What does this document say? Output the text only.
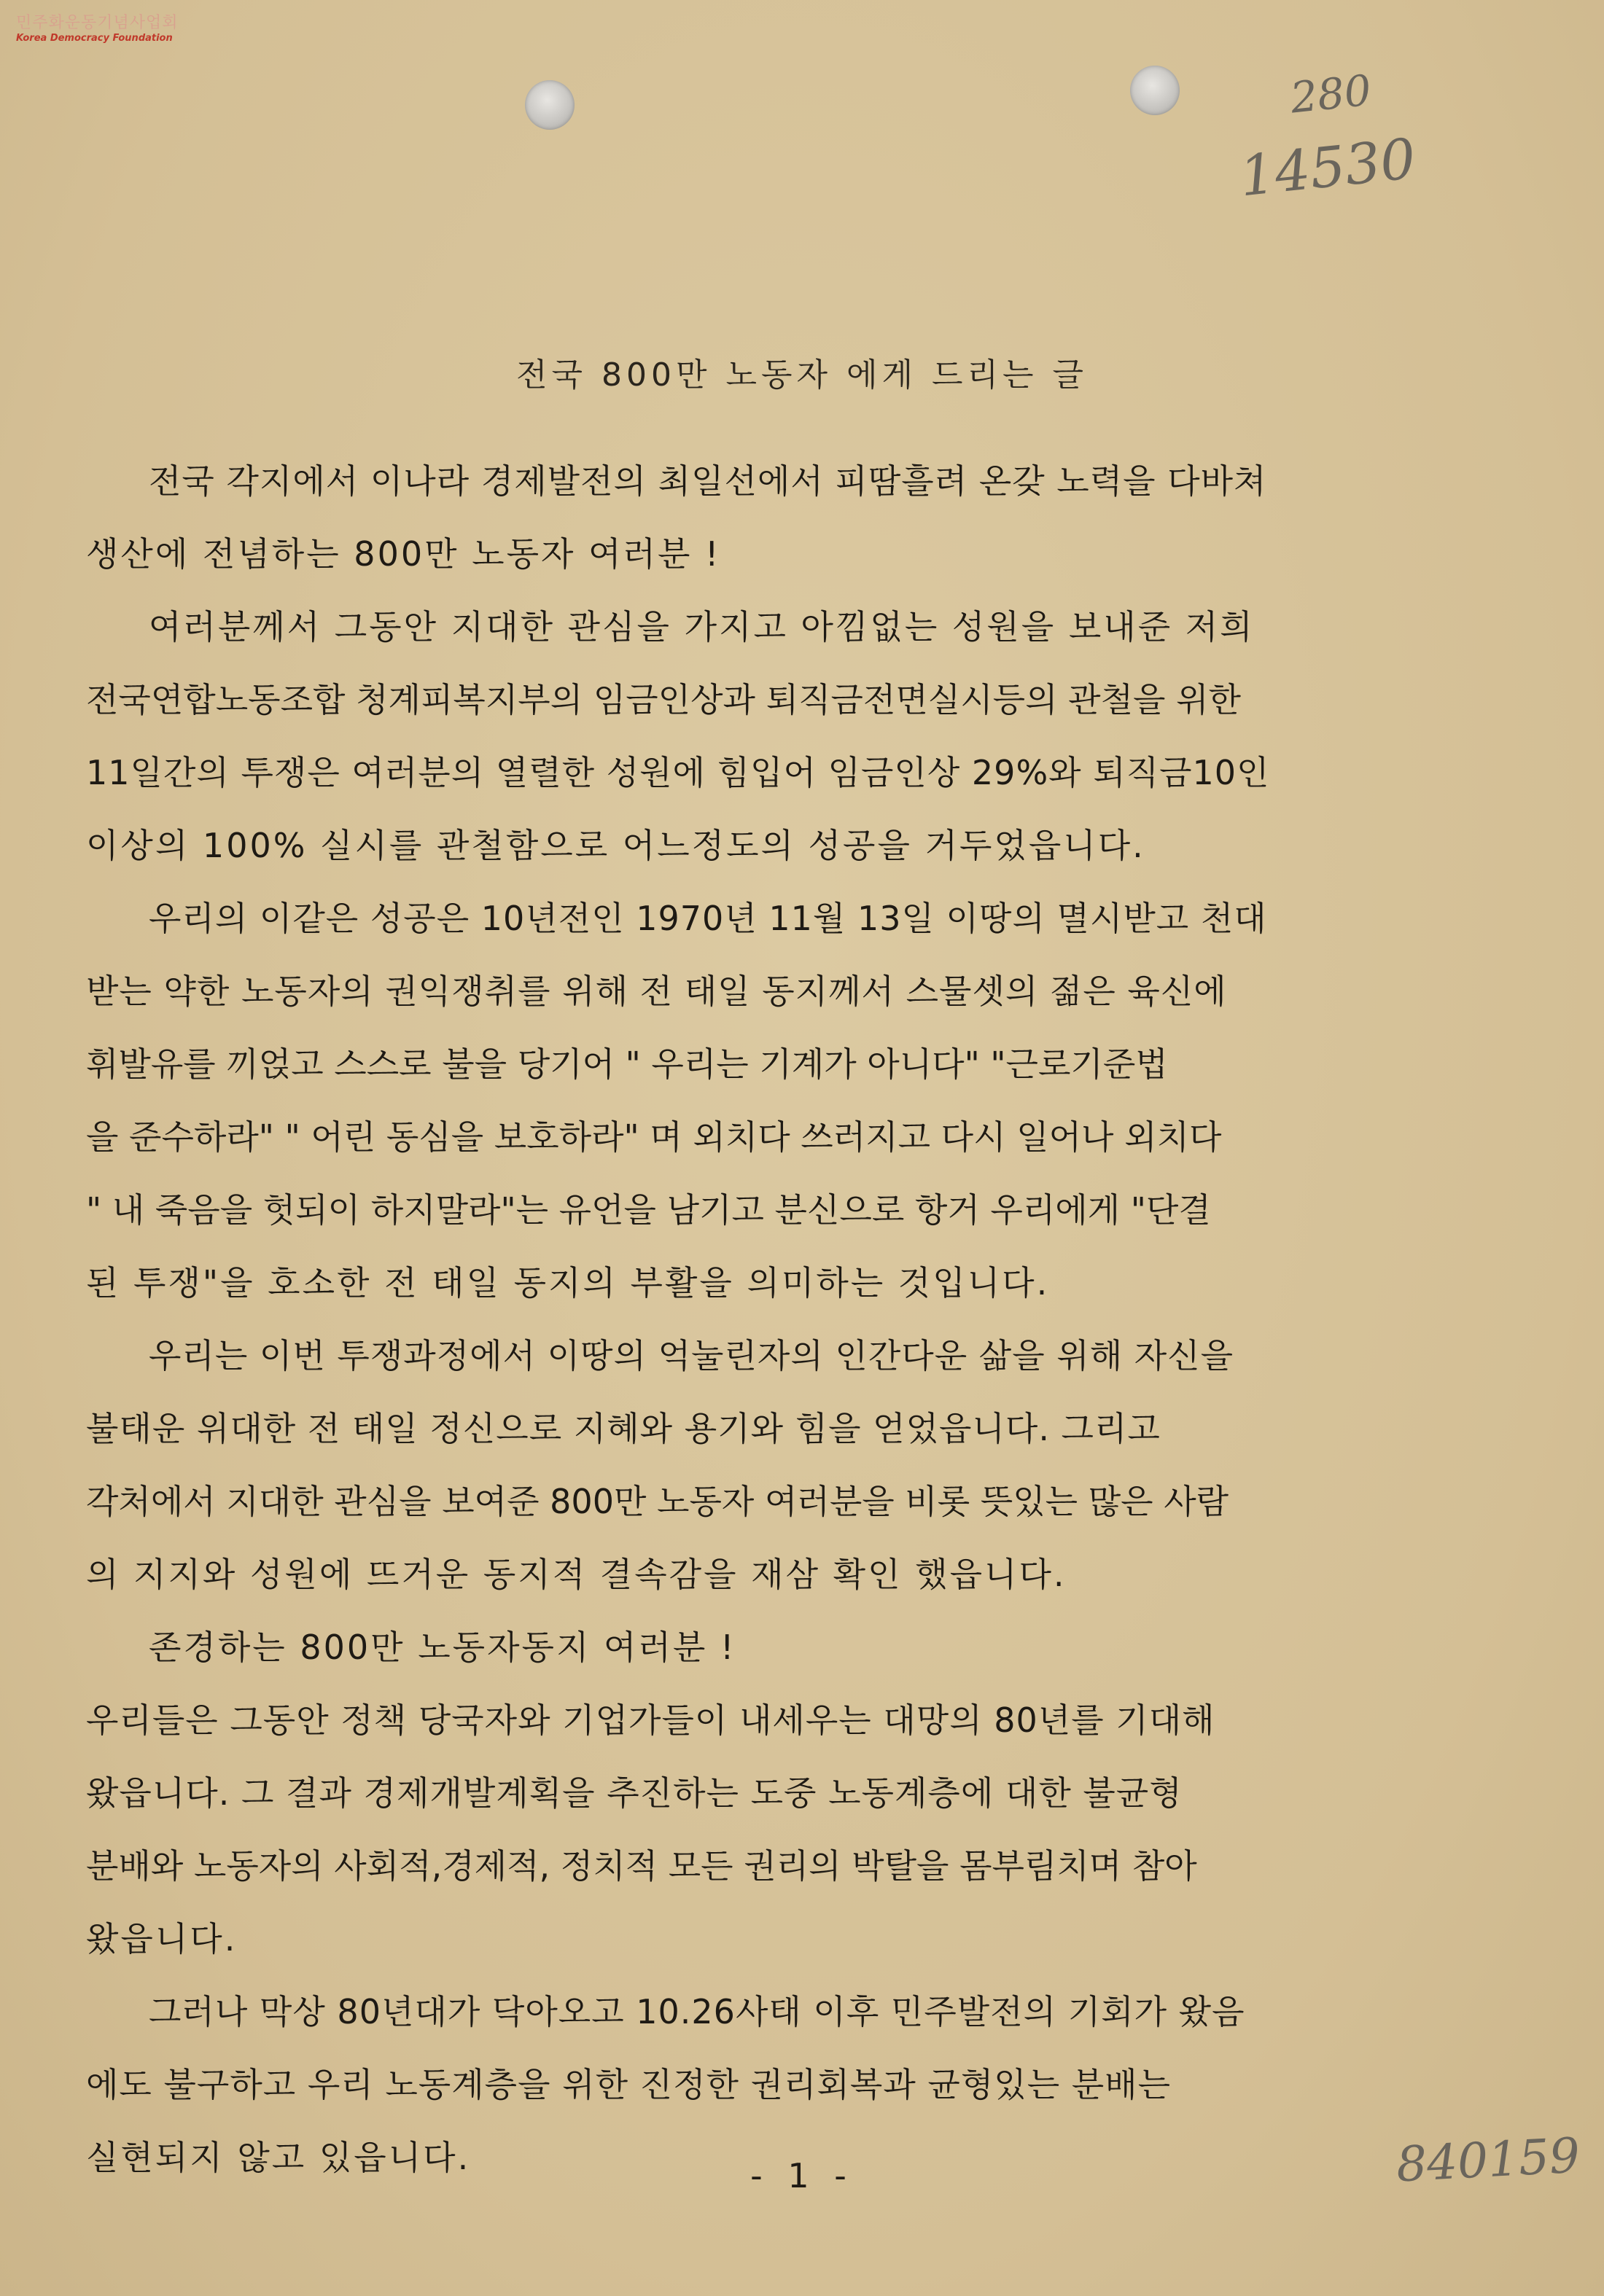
민주화운동기념사업회
Korea Democracy Foundation
280
14530
전국 800만 노동자 에게 드리는 글
전국 각지에서 이나라 경제발전의 최일선에서 피땀흘려 온갖 노력을 다바쳐
생산에 전념하는 800만 노동자 여러분 !
여러분께서 그동안 지대한 관심을 가지고 아낌없는 성원을 보내준 저희
전국연합노동조합 청계피복지부의 임금인상과 퇴직금전면실시등의 관철을 위한
11일간의 투쟁은 여러분의 열렬한 성원에 힘입어 임금인상 29%와 퇴직금10인
이상의 100% 실시를 관철함으로 어느정도의 성공을 거두었읍니다.
우리의 이같은 성공은 10년전인 1970년 11월 13일 이땅의 멸시받고 천대
받는 약한 노동자의 권익쟁취를 위해 전 태일 동지께서 스물셋의 젊은 육신에
휘발유를 끼얹고 스스로 불을 당기어 " 우리는 기계가 아니다" "근로기준법
을 준수하라" " 어린 동심을 보호하라" 며 외치다 쓰러지고 다시 일어나 외치다
" 내 죽음을 헛되이 하지말라"는 유언을 남기고 분신으로 항거 우리에게 "단결
된 투쟁"을 호소한 전 태일 동지의 부활을 의미하는 것입니다.
우리는 이번 투쟁과정에서 이땅의 억눌린자의 인간다운 삶을 위해 자신을
불태운 위대한 전 태일 정신으로 지혜와 용기와 힘을 얻었읍니다. 그리고
각처에서 지대한 관심을 보여준 800만 노동자 여러분을 비롯 뜻있는 많은 사람
의 지지와 성원에 뜨거운 동지적 결속감을 재삼 확인 했읍니다.
존경하는 800만 노동자동지 여러분 !
우리들은 그동안 정책 당국자와 기업가들이 내세우는 대망의 80년를 기대해
왔읍니다. 그 결과 경제개발계획을 추진하는 도중 노동계층에 대한 불균형
분배와 노동자의 사회적,경제적, 정치적 모든 권리의 박탈을 몸부림치며 참아
왔읍니다.
그러나 막상 80년대가 닥아오고 10.26사태 이후 민주발전의 기회가 왔음
에도 불구하고 우리 노동계층을 위한 진정한 권리회복과 균형있는 분배는
실현되지 않고 있읍니다.	- 1 -	840159
